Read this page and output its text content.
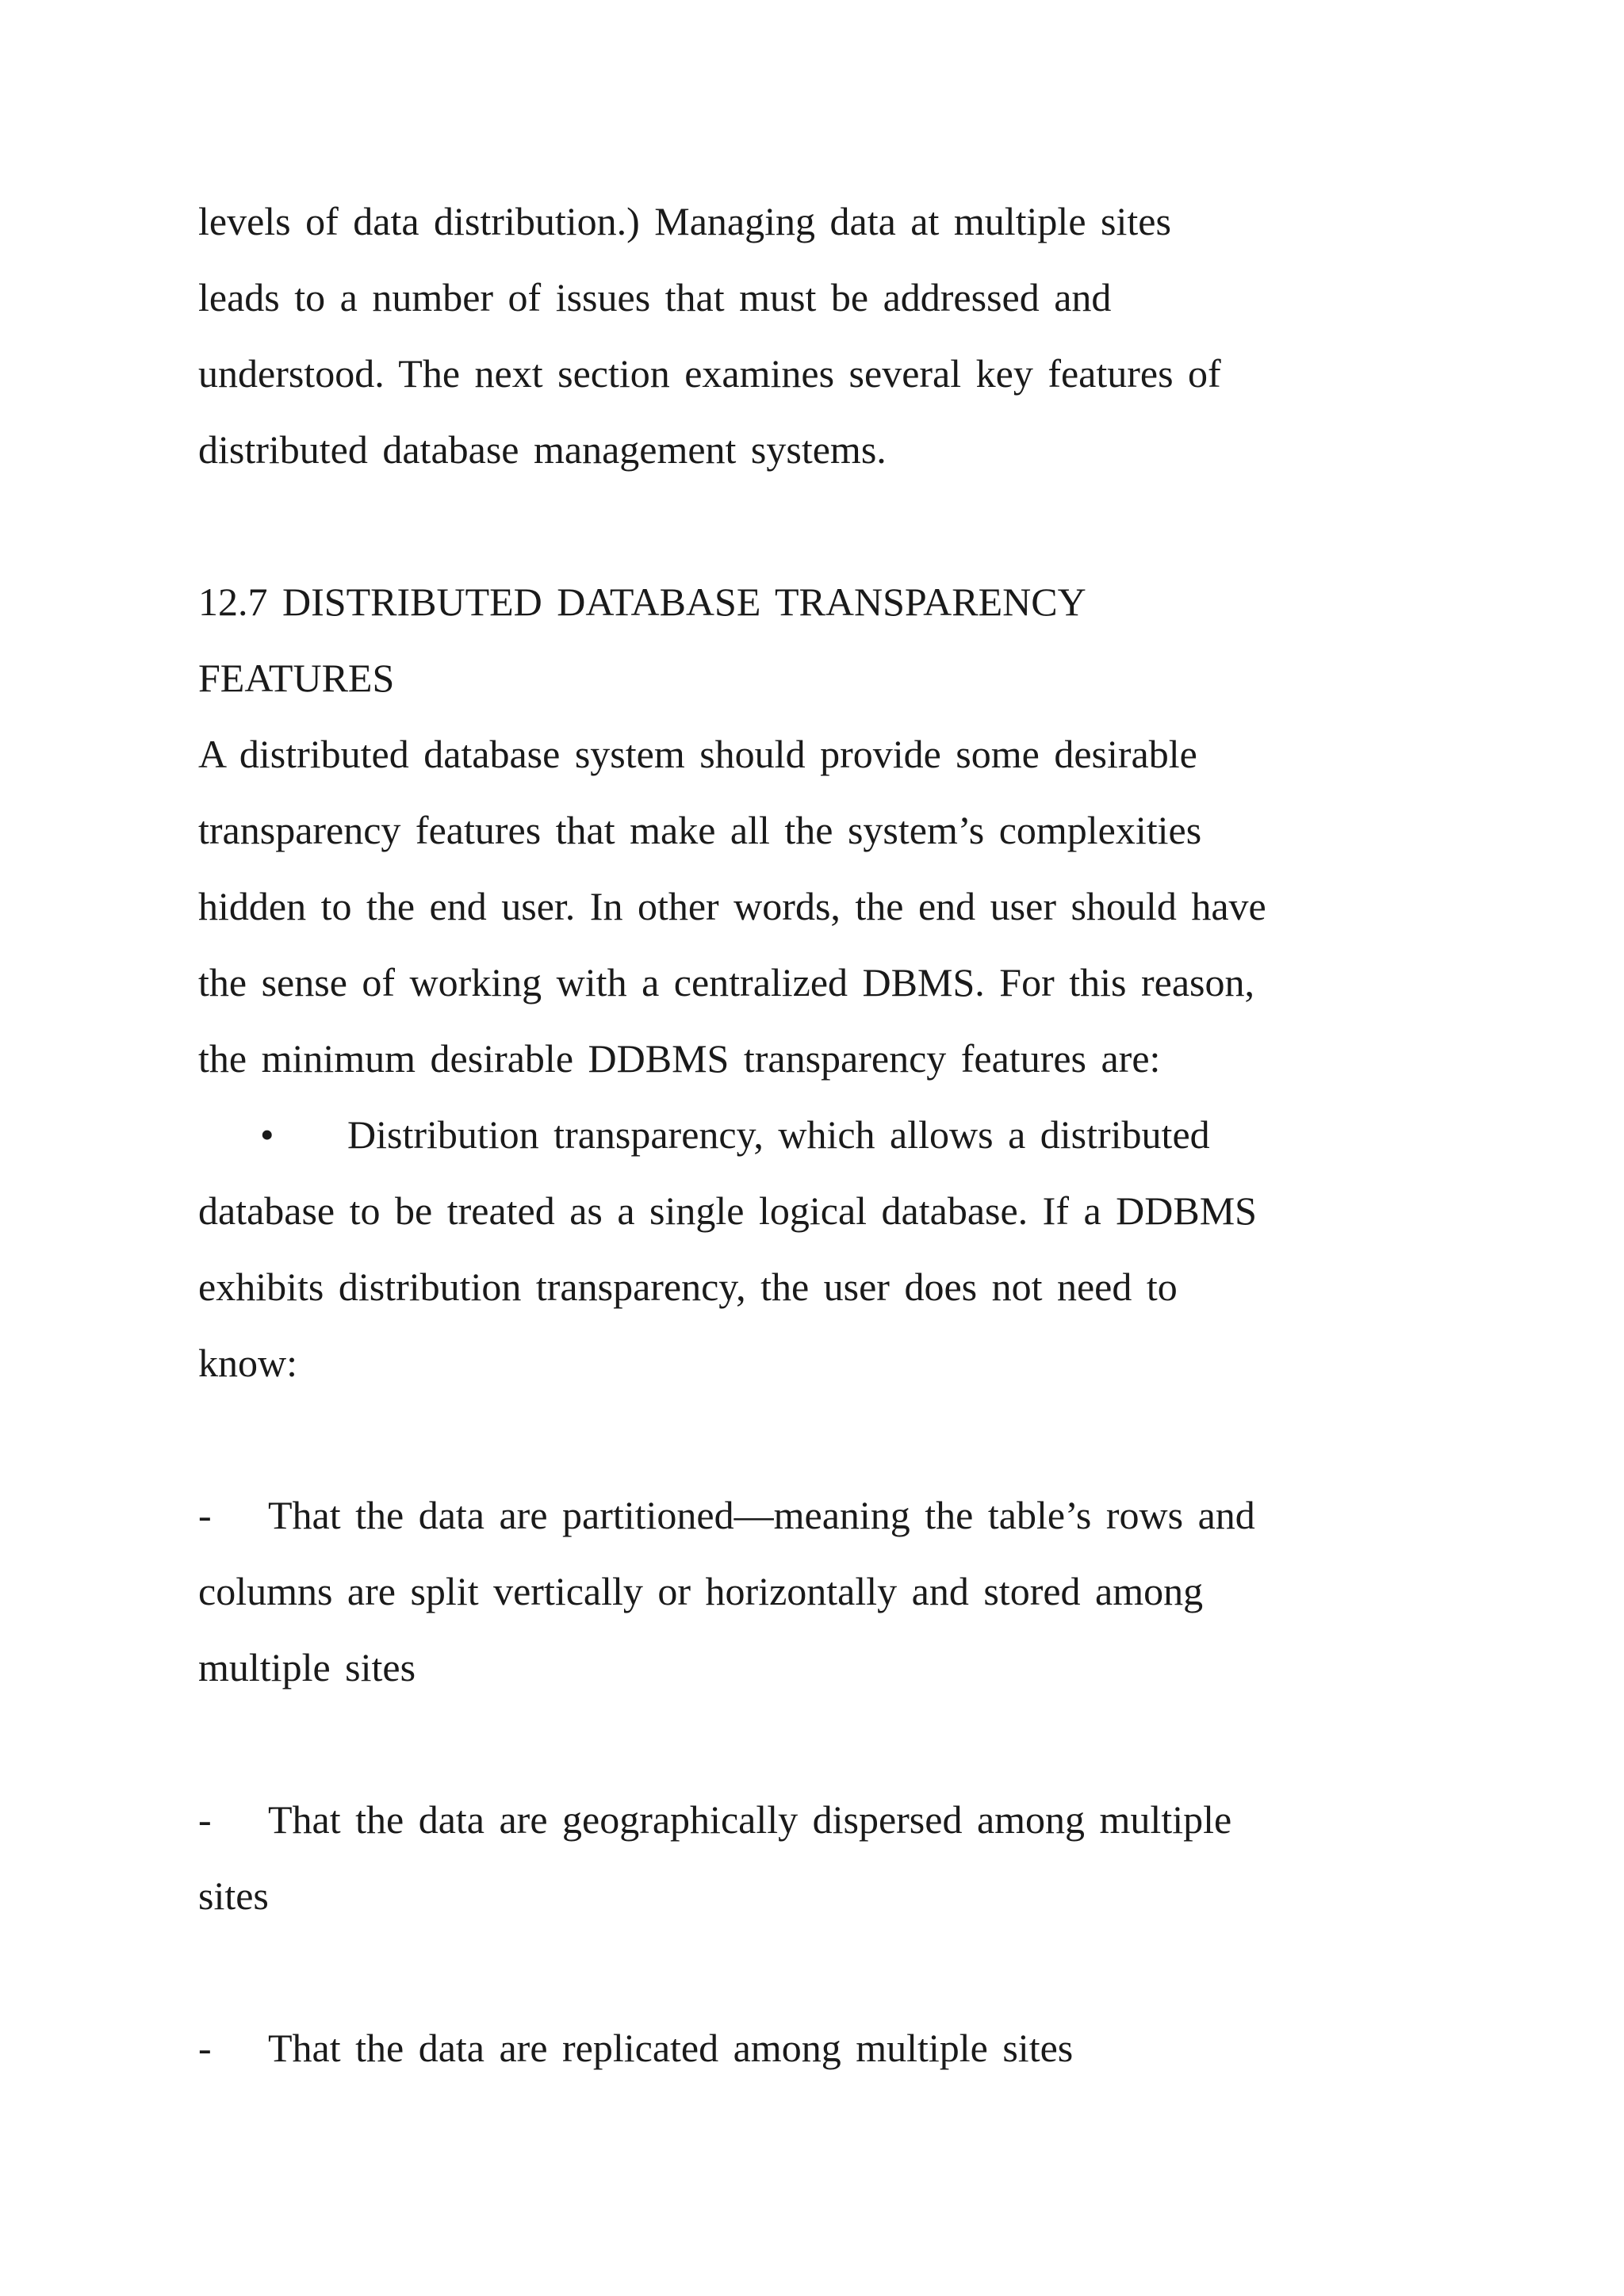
levels of data distribution.) Managing data at multiple sites
leads to a number of issues that must be addressed and
understood. The next section examines several key features of
distributed database management systems.
12.7 DISTRIBUTED DATABASE TRANSPARENCY
FEATURES
A distributed database system should provide some desirable
transparency features that make all the system’s complexities
hidden to the end user. In other words, the end user should have
the sense of working with a centralized DBMS. For this reason,
the minimum desirable DDBMS transparency features are:
• Distribution transparency, which allows a distributed
database to be treated as a single logical database. If a DDBMS
exhibits distribution transparency, the user does not need to
know:
- That the data are partitioned—meaning the table’s rows and
columns are split vertically or horizontally and stored among
multiple sites
- That the data are geographically dispersed among multiple
sites
- That the data are replicated among multiple sites
